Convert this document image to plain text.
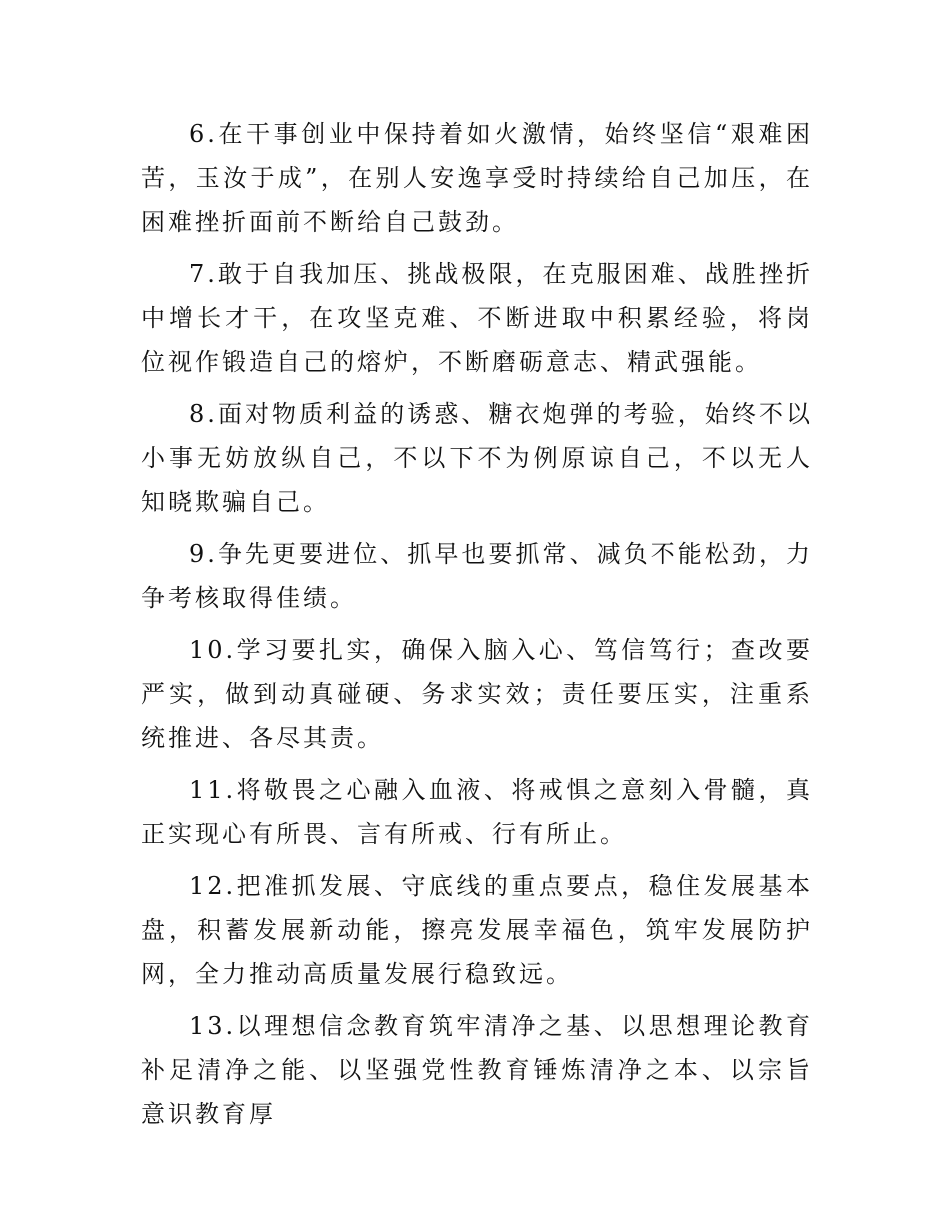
6.在干事创业中保持着如火激情，始终坚信“艰难困苦，玉汝于成”，在别人安逸享受时持续给自己加压，在困难挫折面前不断给自己鼓劲。

7.敢于自我加压、挑战极限，在克服困难、战胜挫折中增长才干，在攻坚克难、不断进取中积累经验，将岗位视作锻造自己的熔炉，不断磨砺意志、精武强能。

8.面对物质利益的诱惑、糖衣炮弹的考验，始终不以小事无妨放纵自己，不以下不为例原谅自己，不以无人知晓欺骗自己。

9.争先更要进位、抓早也要抓常、减负不能松劲，力争考核取得佳绩。

10.学习要扎实，确保入脑入心、笃信笃行；查改要严实，做到动真碰硬、务求实效；责任要压实，注重系统推进、各尽其责。

11.将敬畏之心融入血液、将戒惧之意刻入骨髓，真正实现心有所畏、言有所戒、行有所止。

12.把准抓发展、守底线的重点要点，稳住发展基本盘，积蓄发展新动能，擦亮发展幸福色，筑牢发展防护网，全力推动高质量发展行稳致远。

13.以理想信念教育筑牢清净之基、以思想理论教育补足清净之能、以坚强党性教育锤炼清净之本、以宗旨意识教育厚
